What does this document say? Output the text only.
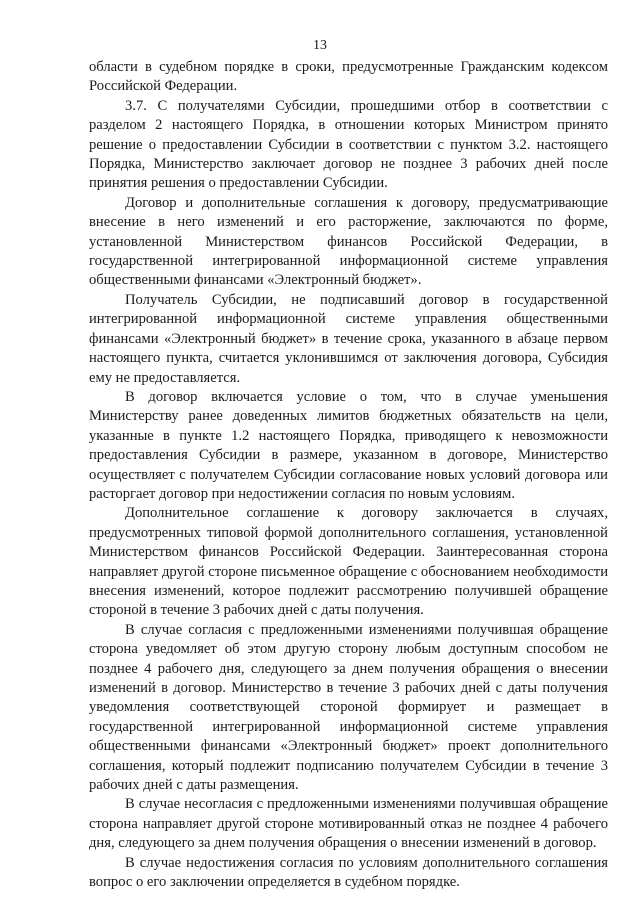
13

области в судебном порядке в сроки, предусмотренные Гражданским кодексом Российской Федерации.

3.7. С получателями Субсидии, прошедшими отбор в соответствии с разделом 2 настоящего Порядка, в отношении которых Министром принято решение о предоставлении Субсидии в соответствии с пунктом 3.2. настоящего Порядка, Министерство заключает договор не позднее 3 рабочих дней после принятия решения о предоставлении Субсидии.

Договор и дополнительные соглашения к договору, предусматривающие внесение в него изменений и его расторжение, заключаются по форме, установленной Министерством финансов Российской Федерации, в государственной интегрированной информационной системе управления общественными финансами «Электронный бюджет».

Получатель Субсидии, не подписавший договор в государственной интегрированной информационной системе управления общественными финансами «Электронный бюджет» в течение срока, указанного в абзаце первом настоящего пункта, считается уклонившимся от заключения договора, Субсидия ему не предоставляется.

В договор включается условие о том, что в случае уменьшения Министерству ранее доведенных лимитов бюджетных обязательств на цели, указанные в пункте 1.2 настоящего Порядка, приводящего к невозможности предоставления Субсидии в размере, указанном в договоре, Министерство осуществляет с получателем Субсидии согласование новых условий договора или расторгает договор при недостижении согласия по новым условиям.

Дополнительное соглашение к договору заключается в случаях, предусмотренных типовой формой дополнительного соглашения, установленной Министерством финансов Российской Федерации. Заинтересованная сторона направляет другой стороне письменное обращение с обоснованием необходимости внесения изменений, которое подлежит рассмотрению получившей обращение стороной в течение 3 рабочих дней с даты получения.

В случае согласия с предложенными изменениями получившая обращение сторона уведомляет об этом другую сторону любым доступным способом не позднее 4 рабочего дня, следующего за днем получения обращения о внесении изменений в договор. Министерство в течение 3 рабочих дней с даты получения уведомления соответствующей стороной формирует и размещает в государственной интегрированной информационной системе управления общественными финансами «Электронный бюджет» проект дополнительного соглашения, который подлежит подписанию получателем Субсидии в течение 3 рабочих дней с даты размещения.

В случае несогласия с предложенными изменениями получившая обращение сторона направляет другой стороне мотивированный отказ не позднее 4 рабочего дня, следующего за днем получения обращения о внесении изменений в договор.

В случае недостижения согласия по условиям дополнительного соглашения вопрос о его заключении определяется в судебном порядке.
